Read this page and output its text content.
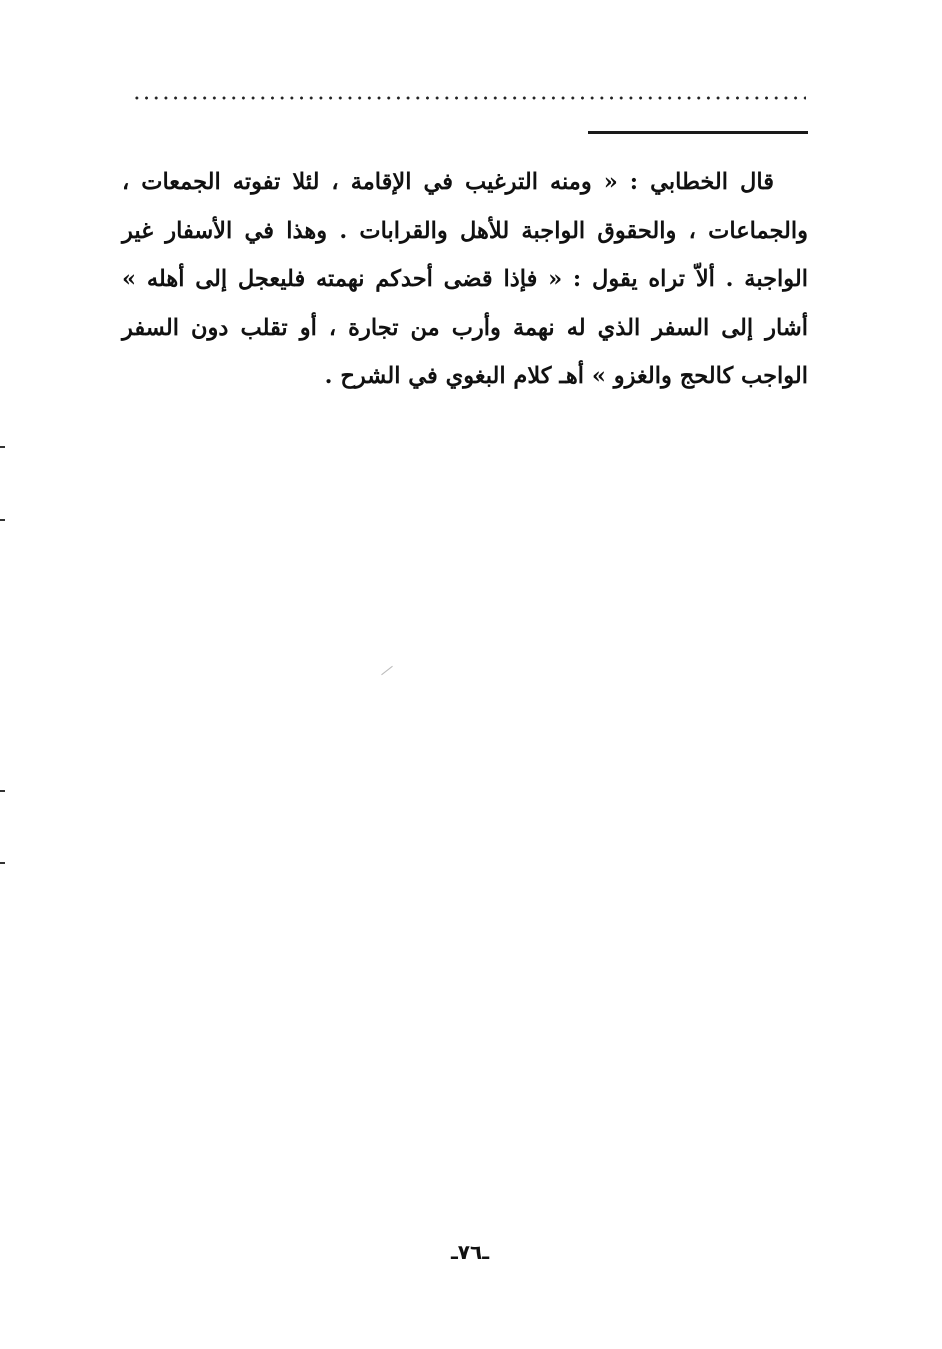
قال الخطابي : « ومنه الترغيب في الإقامة ، لئلا تفوته الجمعات ،
والجماعات ، والحقوق الواجبة للأهل والقرابات . وهذا في الأسفار غير
الواجبة . ألاّ تراه يقول : « فإذا قضى أحدكم نهمته فليعجل إلى أهله »
أشار إلى السفر الذي له نهمة وأرب من تجارة ، أو تقلب دون السفر
الواجب كالحج والغزو » أهـ كلام البغوي في الشرح .

ـ٧٦ـ
